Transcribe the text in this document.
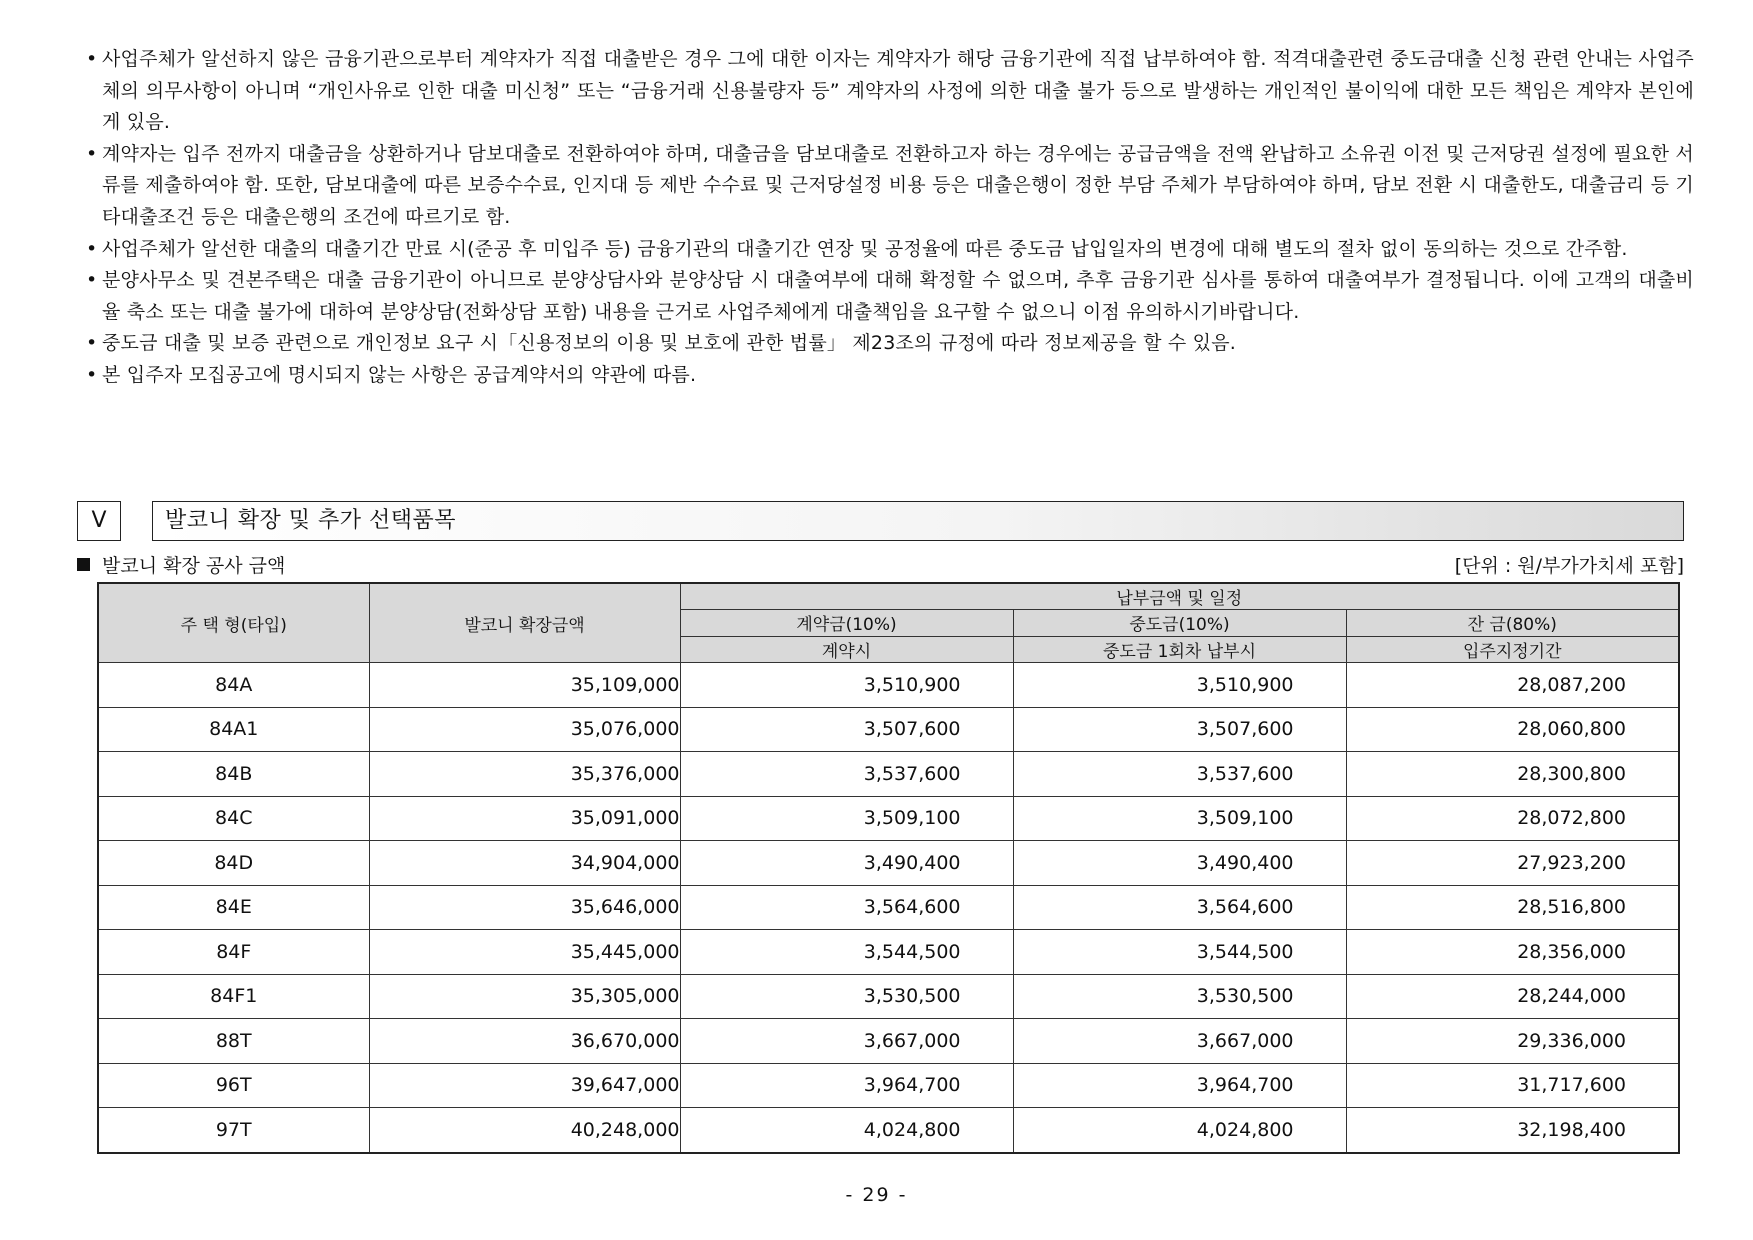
• 사업주체가 알선하지 않은 금융기관으로부터 계약자가 직접 대출받은 경우 그에 대한 이자는 계약자가 해당 금융기관에 직접 납부하여야 함. 적격대출관련 중도금대출 신청 관련 안내는 사업주체의 의무사항이 아니며 “개인사유로 인한 대출 미신청” 또는 “금융거래 신용불량자 등” 계약자의 사정에 의한 대출 불가 등으로 발생하는 개인적인 불이익에 대한 모든 책임은 계약자 본인에게 있음.
• 계약자는 입주 전까지 대출금을 상환하거나 담보대출로 전환하여야 하며, 대출금을 담보대출로 전환하고자 하는 경우에는 공급금액을 전액 완납하고 소유권 이전 및 근저당권 설정에 필요한 서류를 제출하여야 함. 또한, 담보대출에 따른 보증수수료, 인지대 등 제반 수수료 및 근저당설정 비용 등은 대출은행이 정한 부담 주체가 부담하여야 하며, 담보 전환 시 대출한도, 대출금리 등 기타대출조건 등은 대출은행의 조건에 따르기로 함.
• 사업주체가 알선한 대출의 대출기간 만료 시(준공 후 미입주 등) 금융기관의 대출기간 연장 및 공정율에 따른 중도금 납입일자의 변경에 대해 별도의 절차 없이 동의하는 것으로 간주함.
• 분양사무소 및 견본주택은 대출 금융기관이 아니므로 분양상담사와 분양상담 시 대출여부에 대해 확정할 수 없으며, 추후 금융기관 심사를 통하여 대출여부가 결정됩니다. 이에 고객의 대출비율 축소 또는 대출 불가에 대하여 분양상담(전화상담 포함) 내용을 근거로 사업주체에게 대출책임을 요구할 수 없으니 이점 유의하시기바랍니다.
• 중도금 대출 및 보증 관련으로 개인정보 요구 시「신용정보의 이용 및 보호에 관한 법률」 제23조의 규정에 따라 정보제공을 할 수 있음.
• 본 입주자 모집공고에 명시되지 않는 사항은 공급계약서의 약관에 따름.
V	발코니 확장 및 추가 선택품목
발코니 확장 공사 금액	[단위 : 원/부가가치세 포함]
주 택 형(타입)	발코니 확장금액	납부금액 및 일정		
		계약금(10%)	중도금(10%)	잔 금(80%)
		계약시	중도금 1회차 납부시	입주지정기간
84A	35,109,000	3,510,900	3,510,900	28,087,200
84A1	35,076,000	3,507,600	3,507,600	28,060,800
84B	35,376,000	3,537,600	3,537,600	28,300,800
84C	35,091,000	3,509,100	3,509,100	28,072,800
84D	34,904,000	3,490,400	3,490,400	27,923,200
84E	35,646,000	3,564,600	3,564,600	28,516,800
84F	35,445,000	3,544,500	3,544,500	28,356,000
84F1	35,305,000	3,530,500	3,530,500	28,244,000
88T	36,670,000	3,667,000	3,667,000	29,336,000
96T	39,647,000	3,964,700	3,964,700	31,717,600
97T	40,248,000	4,024,800	4,024,800	32,198,400
- 29 -
